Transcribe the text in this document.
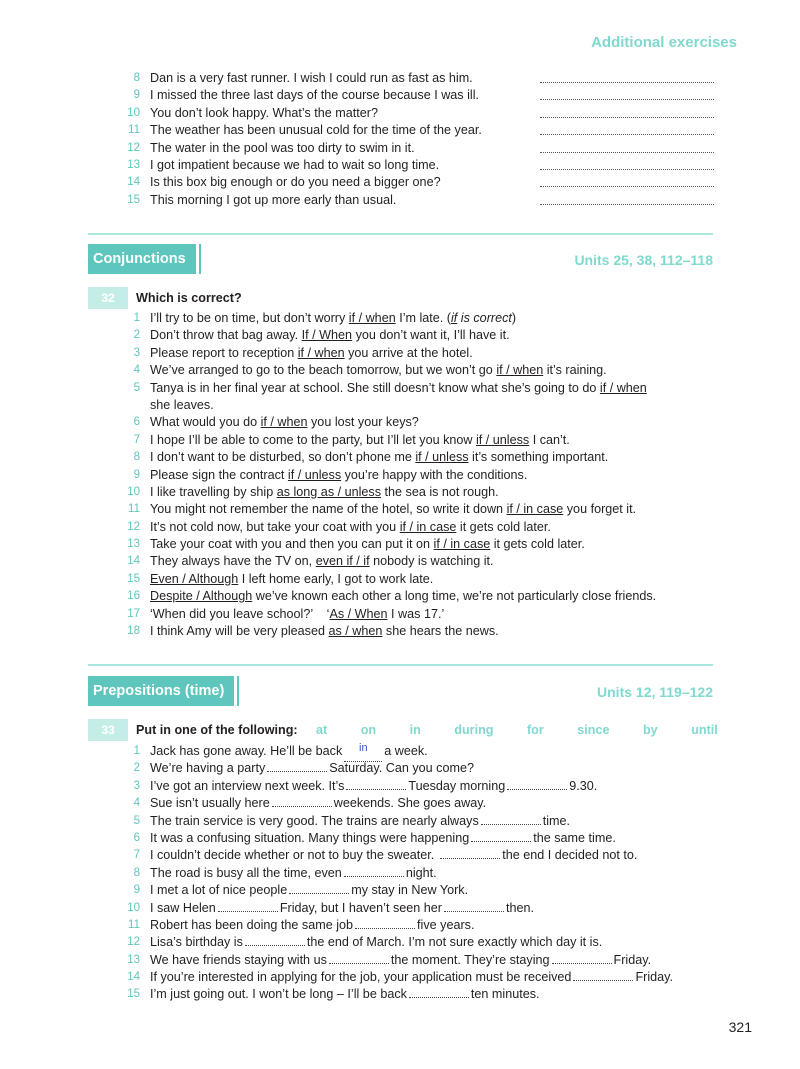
Additional exercises
8 Dan is a very fast runner. I wish I could run as fast as him.
9 I missed the three last days of the course because I was ill.
10 You don’t look happy. What’s the matter?
11 The weather has been unusual cold for the time of the year.
12 The water in the pool was too dirty to swim in it.
13 I got impatient because we had to wait so long time.
14 Is this box big enough or do you need a bigger one?
15 This morning I got up more early than usual.
Conjunctions	Units 25, 38, 112–118
32	Which is correct?
1 I’ll try to be on time, but don’t worry if / when I’m late. (if is correct)
2 Don’t throw that bag away. If / When you don’t want it, I’ll have it.
3 Please report to reception if / when you arrive at the hotel.
4 We’ve arranged to go to the beach tomorrow, but we won’t go if / when it’s raining.
5 Tanya is in her final year at school. She still doesn’t know what she’s going to do if / when
she leaves.
6 What would you do if / when you lost your keys?
7 I hope I’ll be able to come to the party, but I’ll let you know if / unless I can’t.
8 I don’t want to be disturbed, so don’t phone me if / unless it’s something important.
9 Please sign the contract if / unless you’re happy with the conditions.
10 I like travelling by ship as long as / unless the sea is not rough.
11 You might not remember the name of the hotel, so write it down if / in case you forget it.
12 It’s not cold now, but take your coat with you if / in case it gets cold later.
13 Take your coat with you and then you can put it on if / in case it gets cold later.
14 They always have the TV on, even if / if nobody is watching it.
15 Even / Although I left home early, I got to work late.
16 Despite / Although we’ve known each other a long time, we’re not particularly close friends.
17 ‘When did you leave school?’    ‘As / When I was 17.’
18 I think Amy will be very pleased as / when she hears the news.
Prepositions (time)	Units 12, 119–122
33	Put in one of the following: at	on	in	during	for	since	by	until
1 Jack has gone away. He’ll be back in a week.
2 We’re having a party	Saturday. Can you come?
3 I’ve got an interview next week. It’s	Tuesday morning	9.30.
4 Sue isn’t usually here	weekends. She goes away.
5 The train service is very good. The trains are nearly always	time.
6 It was a confusing situation. Many things were happening	the same time.
7 I couldn’t decide whether or not to buy the sweater.	the end I decided not to.
8 The road is busy all the time, even	night.
9 I met a lot of nice people	my stay in New York.
10 I saw Helen	Friday, but I haven’t seen her	then.
11 Robert has been doing the same job	five years.
12 Lisa’s birthday is	the end of March. I’m not sure exactly which day it is.
13 We have friends staying with us	the moment. They’re staying	Friday.
14 If you’re interested in applying for the job, your application must be received	Friday.
15 I’m just going out. I won’t be long – I’ll be back	ten minutes.
321
